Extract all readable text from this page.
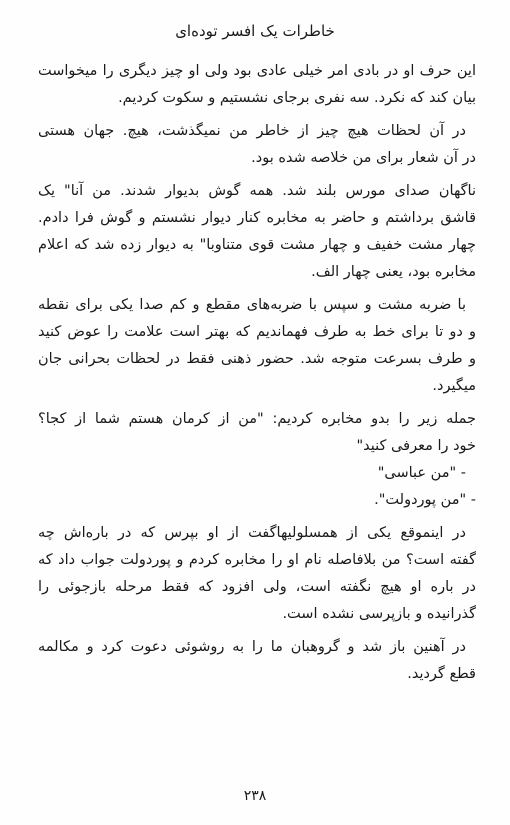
خاطرات یک افسر توده‌ای
این حرف او در بادی امر خیلی عادی بود ولی او چیز دیگری را میخواست
بیان کند که نکرد. سه نفری برجای نشستیم و سکوت کردیم.
در آن لحظات هیچ چیز از خاطر من نمیگذشت، هیچ. جهان هستی
در آن شعار برای من خلاصه شده بود.
ناگهان صدای مورس بلند شد. همه گوش بدیوار شدند. من آنا" یک
قاشق برداشتم و حاضر به مخابره کنار دیوار نشستم و گوش فرا دادم.
چهار مشت خفیف و چهار مشت قوی متناوبا" به دیوار زده شد که اعلام
مخابره بود، یعنی چهار الف.
با ضربه مشت و سپس با ضربه‌های مقطع و کم صدا یکی برای نقطه
و دو تا برای خط به طرف فهماندیم که بهتر است علامت را عوض کنید
و طرف بسرعت متوجه شد. حضور ذهنی فقط در لحظات بحرانی جان
میگیرد.
جمله زیر را بدو مخابره کردیم: "من از کرمان هستم شما از کجا؟
خود را معرفی کنید"
- "من عباسی"
- "من پوردولت".
در اینموقع یکی از همسلولیهاگفت از او بپرس که در باره‌اش چه
گفته است؟ من بلافاصله نام او را مخابره کردم و پوردولت جواب داد که
در باره او هیچ نگفته است، ولی افزود که فقط مرحله بازجوئی را
گذرانیده و بازپرسی نشده است.
در آهنین باز شد و گروهبان ما را به روشوئی دعوت کرد و مکالمه
قطع گردید.
۲۳۸
